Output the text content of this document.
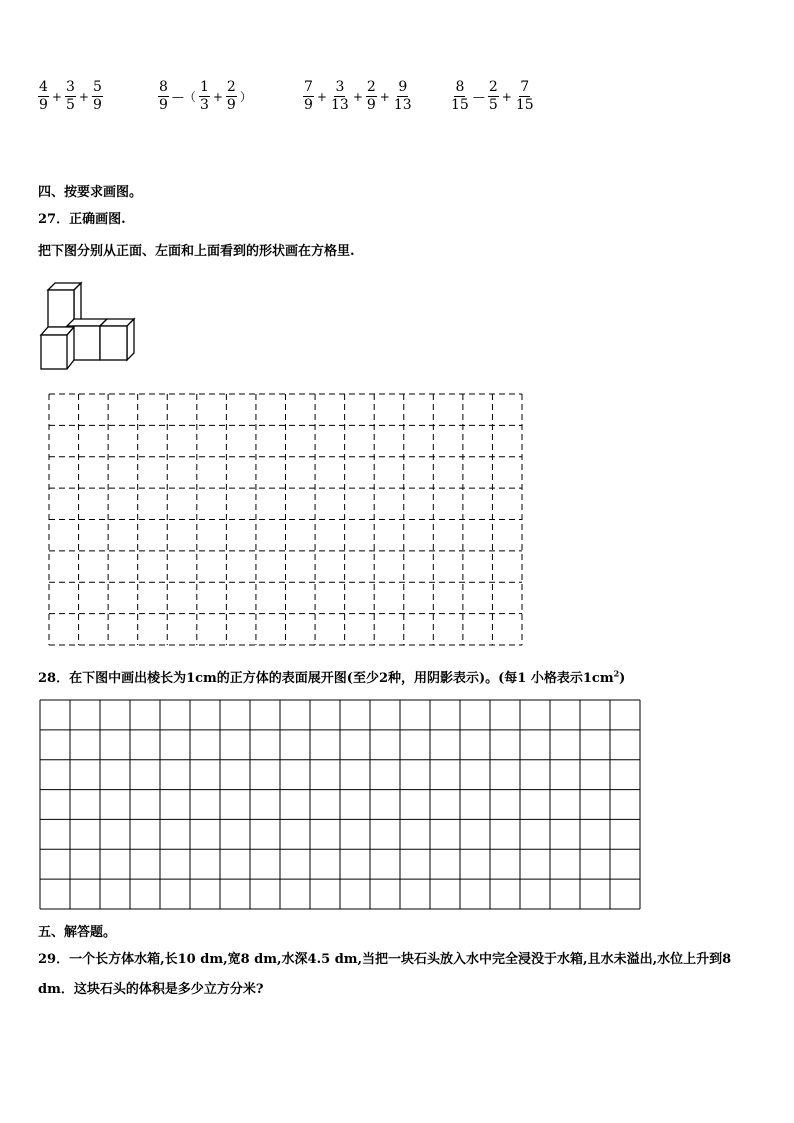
$\frac{4}{9} + \frac{3}{5} + \frac{5}{9}$	$\frac{8}{9}$ —（ $\frac{1}{3} + \frac{2}{9}$ ）	$\frac{7}{9} + \frac{3}{13} + \frac{2}{9} + \frac{9}{13}$	$\frac{8}{15}$ — $\frac{2}{5} + \frac{7}{15}$
四、按要求画图。
27．正确画图.
把下图分别从正面、左面和上面看到的形状画在方格里.
28．在下图中画出棱长为1cm的正方体的表面展开图(至少2种，用阴影表示)。(每1 小格表示$1cm^2$)
五、解答题。
29．一个长方体水箱,长10 dm,宽8 dm,水深4.5 dm,当把一块石头放入水中完全浸没于水箱,且水未溢出,水位上升到8
dm．这块石头的体积是多少立方分米?
